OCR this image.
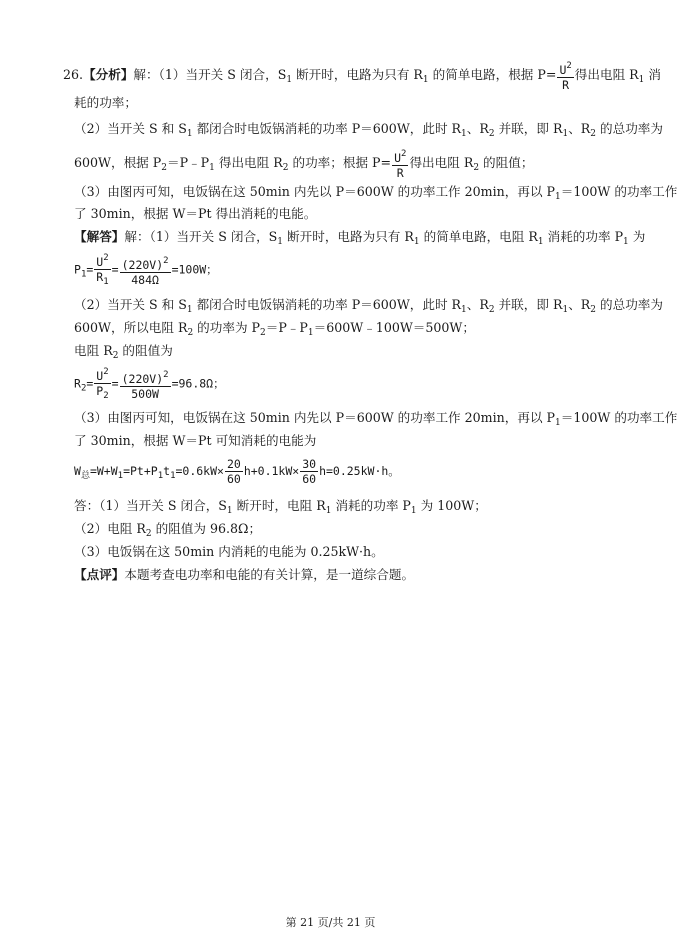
26.【分析】解：（1）当开关 S 闭合，$S_1$ 断开时，电路为只有 $R_1$ 的简单电路，根据 $P= \frac{U^2}{R}$ 得出电阻 $R_1$ 消
耗的功率；
（2）当开关 S 和 $S_1$ 都闭合时电饭锅消耗的功率 P＝600W，此时 $R_1$、$R_2$ 并联，即 $R_1$、$R_2$ 的总功率为
600W，根据 $P_2=P﹣P_1$ 得出电阻 $R_2$ 的功率；根据 $P= \frac{U^2}{R}$ 得出电阻 $R_2$ 的阻值；
（3）由图丙可知，电饭锅在这 50min 内先以 P＝600W 的功率工作 20min，再以 $P_1=100W$ 的功率工作
了 30min，根据 W＝Pt 得出消耗的电能。
【解答】解：（1）当开关 S 闭合，$S_1$ 断开时，电路为只有 $R_1$ 的简单电路，电阻 $R_1$ 消耗的功率 $P_1$ 为
$P_1= \frac{U^2}{R_1} = \frac{(220V)^2}{484\Omega} =100W$；
（2）当开关 S 和 $S_1$ 都闭合时电饭锅消耗的功率 P＝600W，此时 $R_1$、$R_2$ 并联，即 $R_1$、$R_2$ 的总功率为
600W，所以电阻 $R_2$ 的功率为 $P_2=P﹣P_1=600W﹣100W=500W$；
电阻 $R_2$ 的阻值为
$R_2= \frac{U^2}{P_2} = \frac{(220V)^2}{500W} =96.8\Omega$；
（3）由图丙可知，电饭锅在这 50min 内先以 P＝600W 的功率工作 20min，再以 $P_1=100W$ 的功率工作
了 30min，根据 W＝Pt 可知消耗的电能为
$W_总=W+W_1=Pt+P_1t_1=0.6kW\times \frac{20}{60} h+0.1kW\times \frac{30}{60} h=0.25kW\cdot h$。
答：（1）当开关 S 闭合，$S_1$ 断开时，电阻 $R_1$ 消耗的功率 $P_1$ 为 100W；
（2）电阻 $R_2$ 的阻值为 96.8Ω；
（3）电饭锅在这 50min 内消耗的电能为 0.25kW·h。
【点评】本题考查电功率和电能的有关计算，是一道综合题。
第 21 页/共 21 页
